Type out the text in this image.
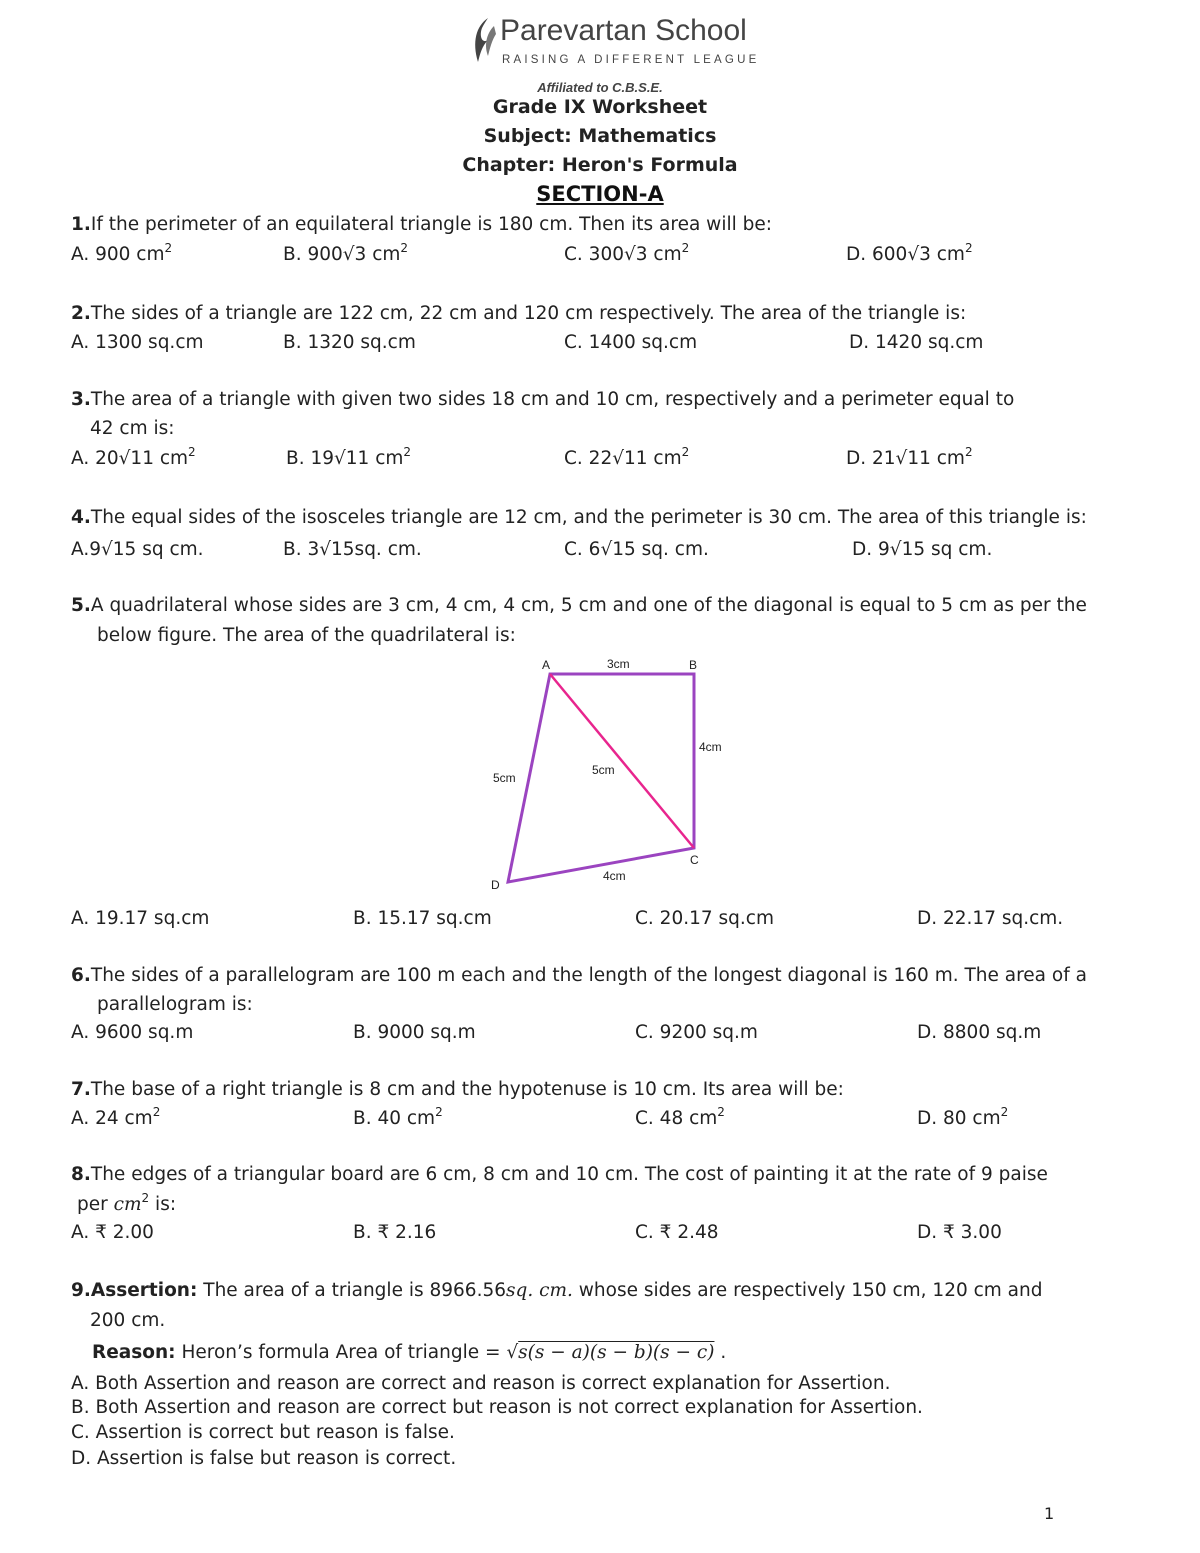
Parevartan School
RAISING A DIFFERENT LEAGUE
Affiliated to C.B.S.E.
Grade IX Worksheet
Subject: Mathematics
Chapter: Heron's Formula
SECTION-A
1.If the perimeter of an equilateral triangle is 180 cm. Then its area will be:
A. 900 $cm^2$	B. 900√3 $cm^2$	C. 300√3 $cm^2$	D. 600√3 $cm^2$
2.The sides of a triangle are 122 cm, 22 cm and 120 cm respectively. The area of the triangle is:
A. 1300 sq.cm	B. 1320 sq.cm	C. 1400 sq.cm	D. 1420 sq.cm
3.The area of a triangle with given two sides 18 cm and 10 cm, respectively and a perimeter equal to
42 cm is:
A. 20√11 $cm^2$	B. 19√11 $cm^2$	C. 22√11 $cm^2$	D. 21√11 $cm^2$
4.The equal sides of the isosceles triangle are 12 cm, and the perimeter is 30 cm. The area of this triangle is:
A.9√15 sq cm.	B. 3√15sq. cm.	C. 6√15 sq. cm.	D. 9√15 sq cm.
5.A quadrilateral whose sides are 3 cm, 4 cm, 4 cm, 5 cm and one of the diagonal is equal to 5 cm as per the
below figure. The area of the quadrilateral is:
A	B
C
D
3cm
4cm
4cm
5cm
5cm
A. 19.17 sq.cm	B. 15.17 sq.cm	C. 20.17 sq.cm	D. 22.17 sq.cm.
6.The sides of a parallelogram are 100 m each and the length of the longest diagonal is 160 m. The area of a
parallelogram is:
A. 9600 sq.m	B. 9000 sq.m	C. 9200 sq.m	D. 8800 sq.m
7.The base of a right triangle is 8 cm and the hypotenuse is 10 cm. Its area will be:
A. 24 $cm^2$	B. 40 $cm^2$	C. 48 $cm^2$	D. 80 $cm^2$
8.The edges of a triangular board are 6 cm, 8 cm and 10 cm. The cost of painting it at the rate of 9 paise
per $cm^2$ is:
A. ₹ 2.00	B. ₹ 2.16	C. ₹ 2.48	D. ₹ 3.00
9.Assertion: The area of a triangle is 8966.56sq. cm. whose sides are respectively 150 cm, 120 cm and
200 cm.
Reason: Heron’s formula Area of triangle = √s(s − a)(s − b)(s − c) .
A. Both Assertion and reason are correct and reason is correct explanation for Assertion.
B. Both Assertion and reason are correct but reason is not correct explanation for Assertion.
C. Assertion is correct but reason is false.
D. Assertion is false but reason is correct.
1
